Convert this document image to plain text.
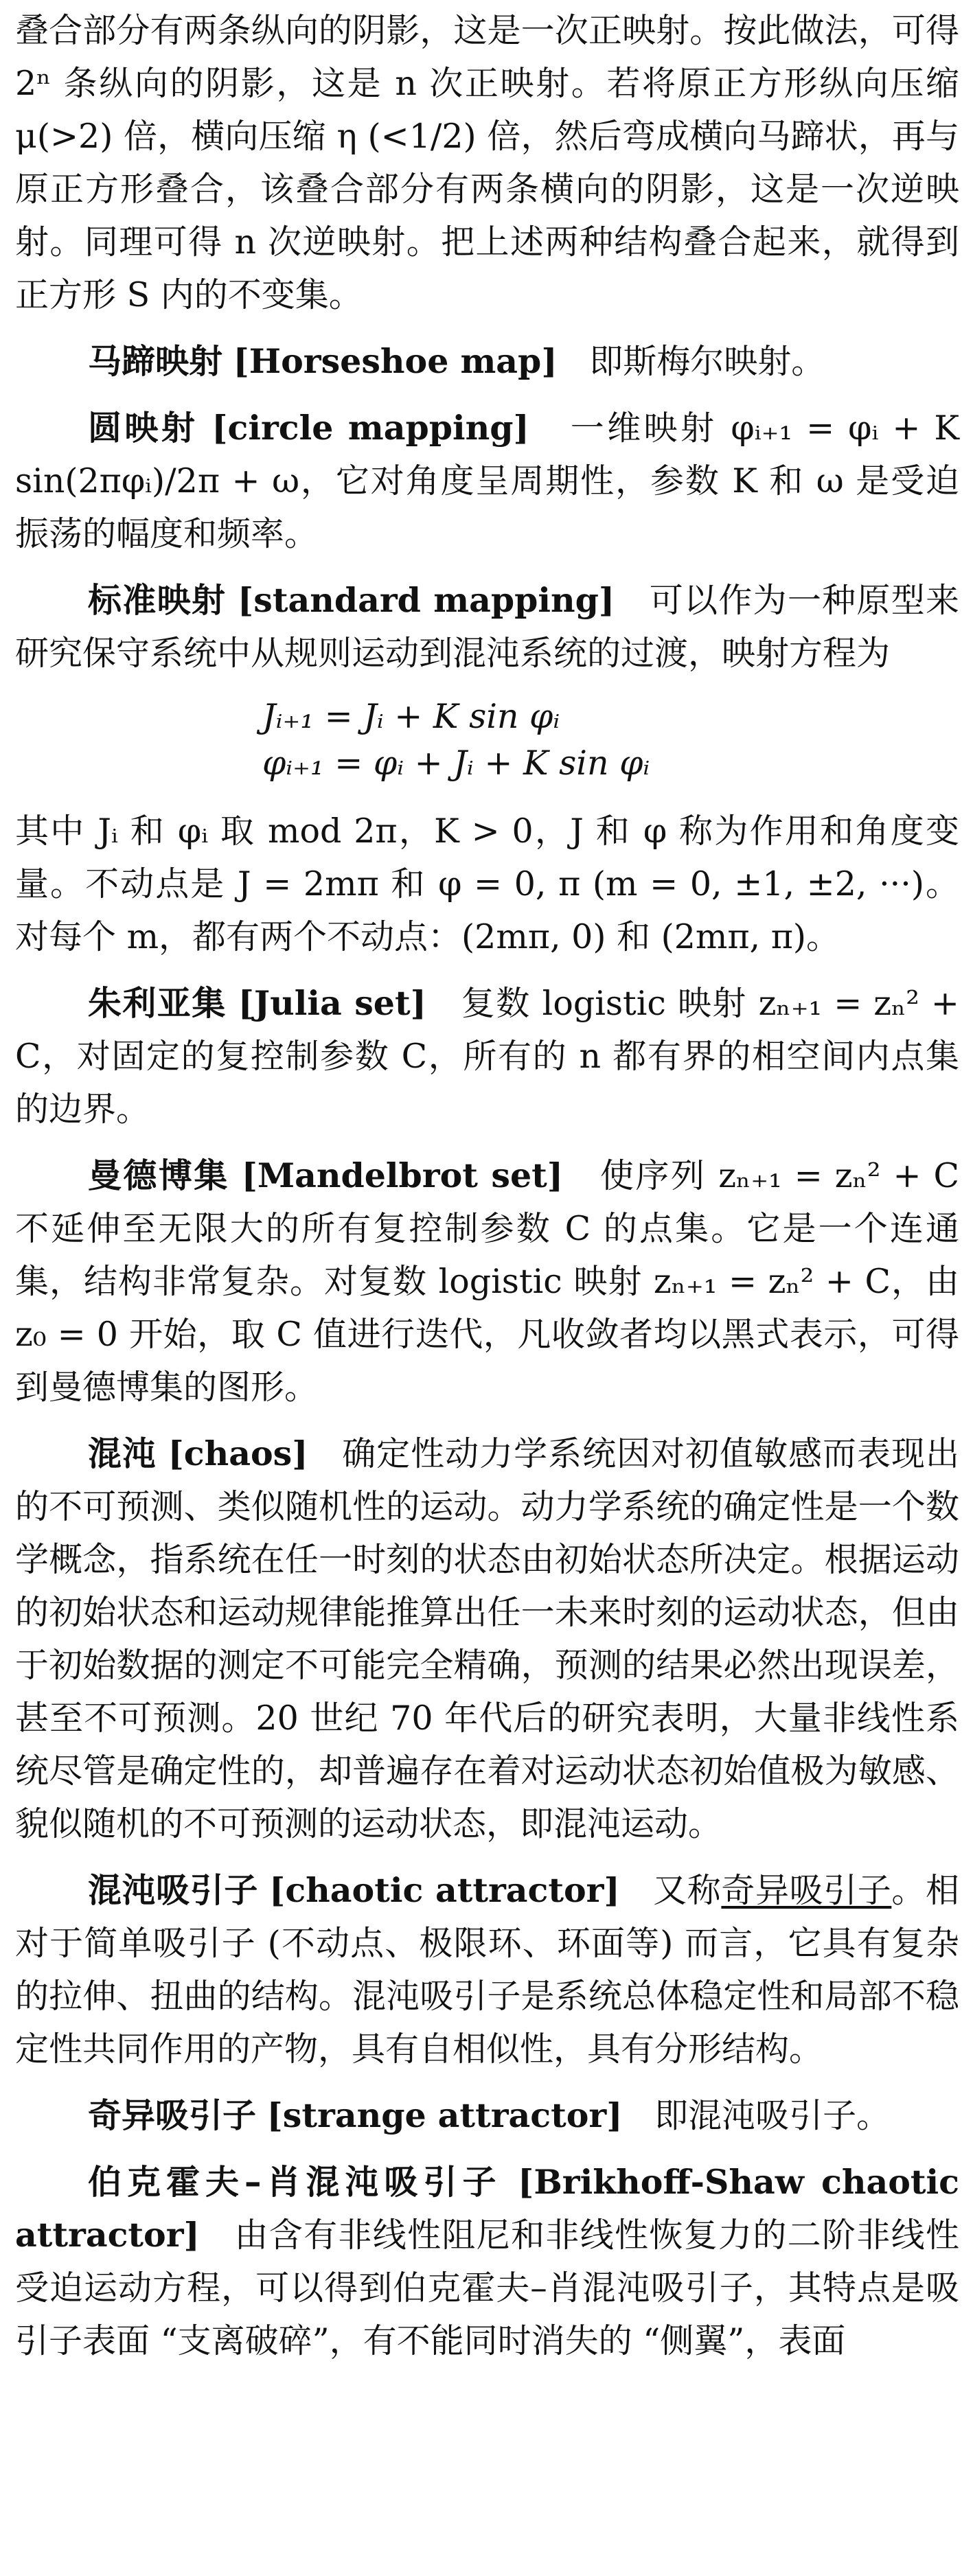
叠合部分有两条纵向的阴影，这是一次正映射。按此做法，可得 2ⁿ 条纵向的阴影，这是 n 次正映射。若将原正方形纵向压缩 μ(>2) 倍，横向压缩 η (<1/2) 倍，然后弯成横向马蹄状，再与原正方形叠合，该叠合部分有两条横向的阴影，这是一次逆映射。同理可得 n 次逆映射。把上述两种结构叠合起来，就得到正方形 S 内的不变集。

马蹄映射 [Horseshoe map] 即斯梅尔映射。

圆映射 [circle mapping] 一维映射 φᵢ₊₁ = φᵢ + K sin(2πφᵢ)/2π + ω，它对角度呈周期性，参数 K 和 ω 是受迫振荡的幅度和频率。

标准映射 [standard mapping] 可以作为一种原型来研究保守系统中从规则运动到混沌系统的过渡，映射方程为

Jᵢ₊₁ = Jᵢ + K sin φᵢ
φᵢ₊₁ = φᵢ + Jᵢ + K sin φᵢ

其中 Jᵢ 和 φᵢ 取 mod 2π，K > 0，J 和 φ 称为作用和角度变量。不动点是 J = 2mπ 和 φ = 0, π (m = 0, ±1, ±2, ···)。对每个 m，都有两个不动点：(2mπ, 0) 和 (2mπ, π)。

朱利亚集 [Julia set] 复数 logistic 映射 zₙ₊₁ = zₙ² + C，对固定的复控制参数 C，所有的 n 都有界的相空间内点集的边界。

曼德博集 [Mandelbrot set] 使序列 zₙ₊₁ = zₙ² + C 不延伸至无限大的所有复控制参数 C 的点集。它是一个连通集，结构非常复杂。对复数 logistic 映射 zₙ₊₁ = zₙ² + C，由 z₀ = 0 开始，取 C 值进行迭代，凡收敛者均以黑式表示，可得到曼德博集的图形。

混沌 [chaos] 确定性动力学系统因对初值敏感而表现出的不可预测、类似随机性的运动。动力学系统的确定性是一个数学概念，指系统在任一时刻的状态由初始状态所决定。根据运动的初始状态和运动规律能推算出任一未来时刻的运动状态，但由于初始数据的测定不可能完全精确，预测的结果必然出现误差，甚至不可预测。20 世纪 70 年代后的研究表明，大量非线性系统尽管是确定性的，却普遍存在着对运动状态初始值极为敏感、貌似随机的不可预测的运动状态，即混沌运动。

混沌吸引子 [chaotic attractor] 又称奇异吸引子。相对于简单吸引子 (不动点、极限环、环面等) 而言，它具有复杂的拉伸、扭曲的结构。混沌吸引子是系统总体稳定性和局部不稳定性共同作用的产物，具有自相似性，具有分形结构。

奇异吸引子 [strange attractor] 即混沌吸引子。

伯克霍夫–肖混沌吸引子 [Brikhoff-Shaw chaotic attractor] 由含有非线性阻尼和非线性恢复力的二阶非线性受迫运动方程，可以得到伯克霍夫–肖混沌吸引子，其特点是吸引子表面 “支离破碎”，有不能同时消失的 “侧翼”，表面
